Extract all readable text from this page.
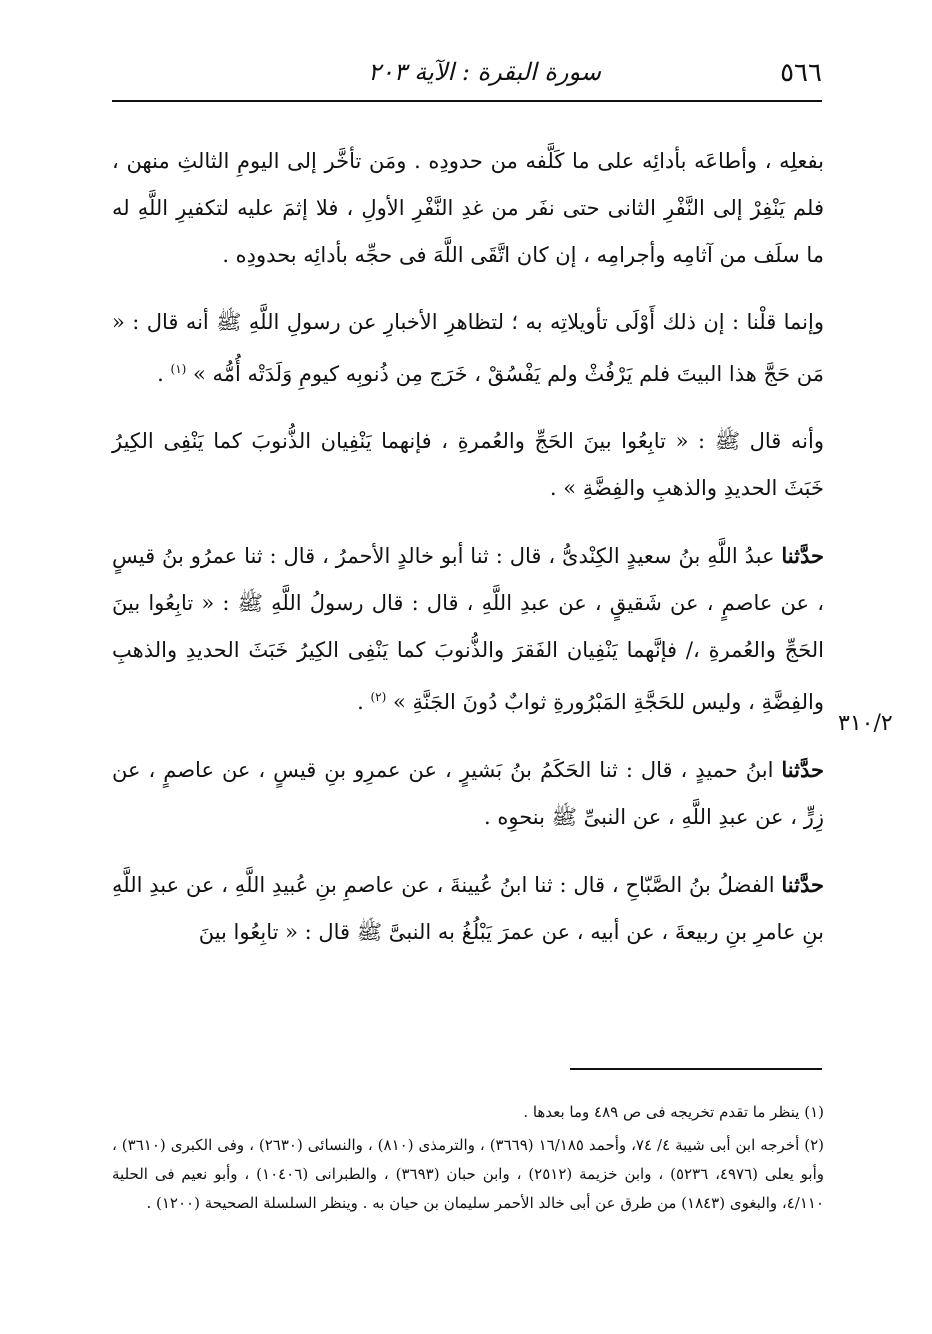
٥٦٦
سورة البقرة : الآية ٢٠٣

بفعلِه ، وأطاعَه بأدائِه على ما كَلَّفه من حدودِه . ومَن تأخَّر إلى اليومِ الثالثِ منهن ، فلم يَنْفِرْ إلى النَّفْرِ الثانى حتى نفَر من غدِ النَّفْرِ الأولِ ، فلا إثمَ عليه لتكفيرِ اللَّهِ له ما سلَف من آثامِه وأجرامِه ، إن كان اتَّقَى اللَّهَ فى حجِّه بأدائِه بحدودِه .

وإنما قلْنا : إن ذلك أَوْلَى تأويلاتِه به ؛ لتظاهرِ الأخبارِ عن رسولِ اللَّهِ ﷺ أنه قال : « مَن حَجَّ هذا البيتَ فلم يَرْفُثْ ولم يَفْسُقْ ، خَرَج مِن ذُنوبِه كيومِ وَلَدَتْه أُمُّه » $^{(١)}$ .

وأنه قال ﷺ : « تابِعُوا بينَ الحَجِّ والعُمرةِ ، فإنهما يَنْفِيان الذُّنوبَ كما يَنْفِى الكِيرُ خَبَثَ الحديدِ والذهبِ والفِضَّةِ » .

حدَّثنا عبدُ اللَّهِ بنُ سعيدٍ الكِنْدىُّ ، قال : ثنا أبو خالدٍ الأحمرُ ، قال : ثنا عمرُو بنُ قيسٍ ، عن عاصمٍ ، عن شَقيقٍ ، عن عبدِ اللَّهِ ، قال : قال رسولُ اللَّهِ ﷺ : « تابِعُوا بينَ الحَجِّ والعُمرةِ ،/ فإنَّهما يَنْفِيان الفَقرَ والذُّنوبَ كما يَنْفِى الكِيرُ خَبَثَ الحديدِ والذهبِ والفِضَّةِ ، وليس للحَجَّةِ المَبْرُورةِ ثوابٌ دُونَ الجَنَّةِ » $^{(٢)}$ .

حدَّثنا ابنُ حميدٍ ، قال : ثنا الحَكَمُ بنُ بَشيرٍ ، عن عمرِو بنِ قيسٍ ، عن عاصمٍ ، عن زِرٍّ ، عن عبدِ اللَّهِ ، عن النبىِّ ﷺ بنحوِه .

حدَّثنا الفضلُ بنُ الصَّبّاحِ ، قال : ثنا ابنُ عُيينةَ ، عن عاصمِ بنِ عُبيدِ اللَّهِ ، عن عبدِ اللَّهِ بنِ عامرِ بنِ ربيعةَ ، عن أبيه ، عن عمرَ يَبْلُغُ به النبىَّ ﷺ قال : « تابِعُوا بينَ

٣١٠/٢

(١) ينظر ما تقدم تخريجه فى ص ٤٨٩ وما بعدها .

(٢) أخرجه ابن أبى شيبة ٤/ ٧٤، وأحمد ١٦/١٨٥ (٣٦٦٩) ، والترمذى (٨١٠) ، والنسائى (٢٦٣٠) ، وفى الكبرى (٣٦١٠) ، وأبو يعلى (٤٩٧٦، ٥٢٣٦) ، وابن خزيمة (٢٥١٢) ، وابن حبان (٣٦٩٣) ، والطبرانى (١٠٤٠٦) ، وأبو نعيم فى الحلية ٤/١١٠، والبغوى (١٨٤٣) من طرق عن أبى خالد الأحمر سليمان بن حيان به . وينظر السلسلة الصحيحة (١٢٠٠) .
